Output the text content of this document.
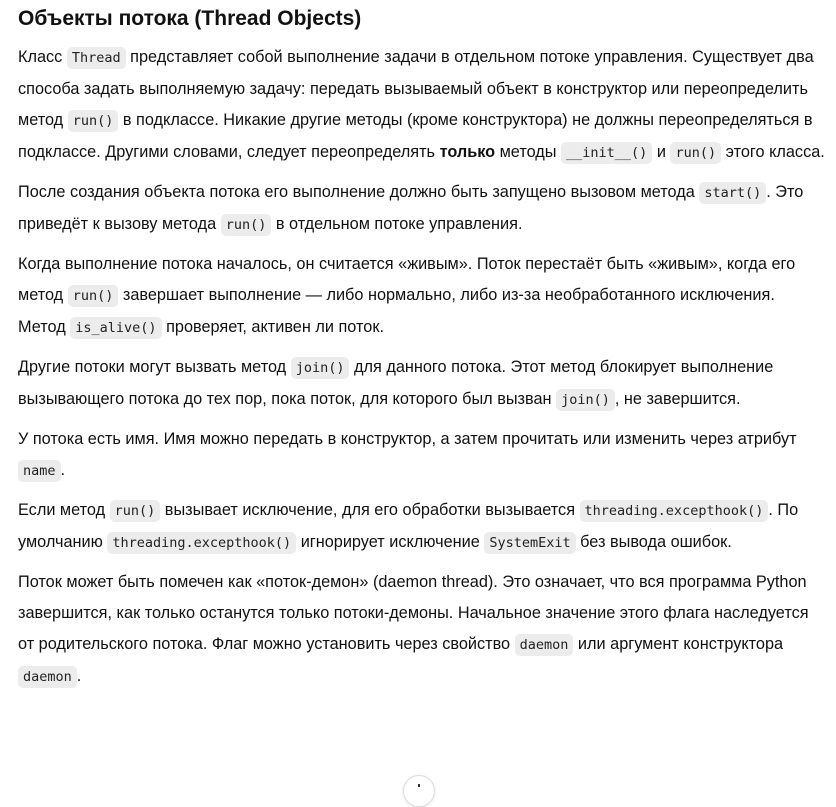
Объекты потока (Thread Objects)

Класс Thread представляет собой выполнение задачи в отдельном потоке управления. Существует два способа задать выполняемую задачу: передать вызываемый объект в конструктор или переопределить метод run() в подклассе. Никакие другие методы (кроме конструктора) не должны переопределяться в подклассе. Другими словами, следует переопределять только методы __init__() и run() этого класса.

После создания объекта потока его выполнение должно быть запущено вызовом метода start() . Это приведёт к вызову метода run() в отдельном потоке управления.

Когда выполнение потока началось, он считается «живым». Поток перестаёт быть «живым», когда его метод run() завершает выполнение — либо нормально, либо из-за необработанного исключения. Метод is_alive() проверяет, активен ли поток.

Другие потоки могут вызвать метод join() для данного потока. Этот метод блокирует выполнение вызывающего потока до тех пор, пока поток, для которого был вызван join() , не завершится.

У потока есть имя. Имя можно передать в конструктор, а затем прочитать или изменить через атрибут name .

Если метод run() вызывает исключение, для его обработки вызывается threading.excepthook() . По умолчанию threading.excepthook() игнорирует исключение SystemExit без вывода ошибок.

Поток может быть помечен как «поток-демон» (daemon thread). Это означает, что вся программа Python завершится, как только останутся только потоки-демоны. Начальное значение этого флага наследуется от родительского потока. Флаг можно установить через свойство daemon или аргумент конструктора daemon .
